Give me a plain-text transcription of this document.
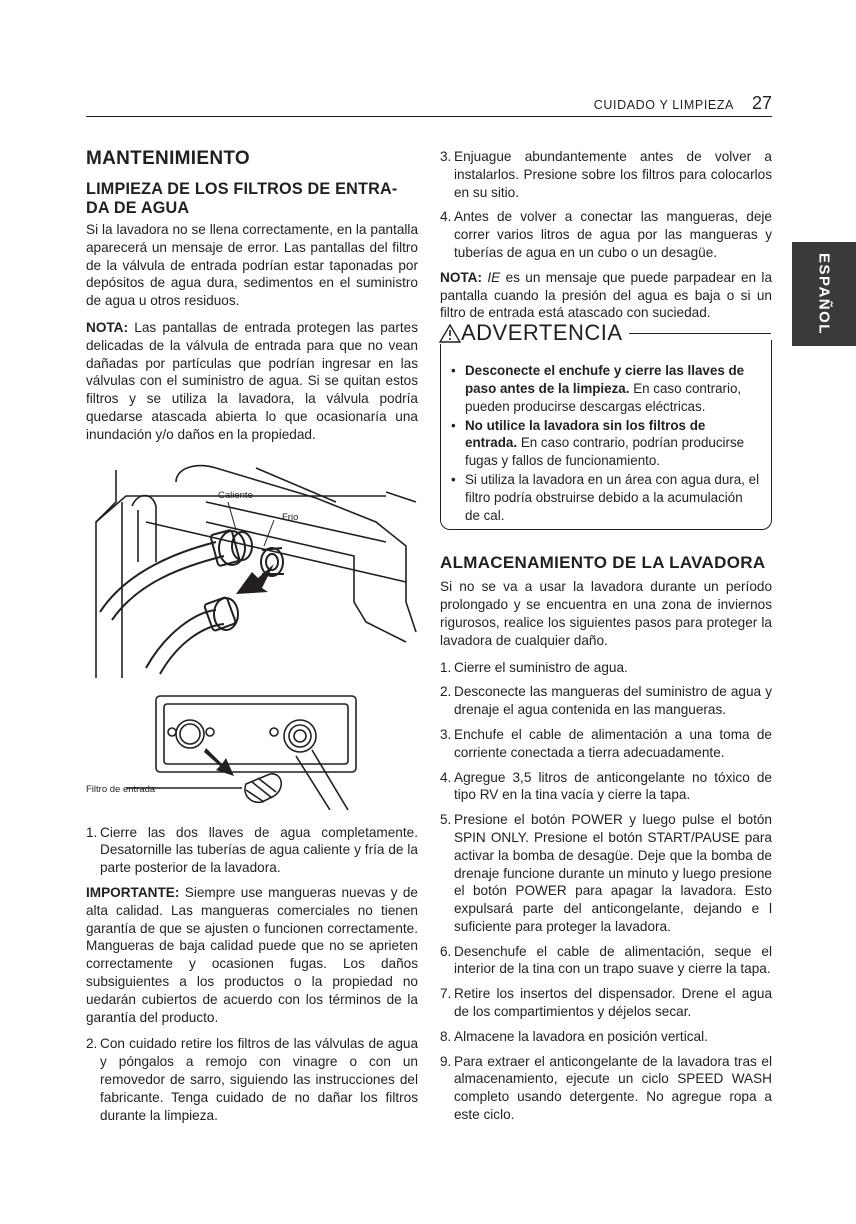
CUIDADO Y LIMPIEZA 27
ESPAÑOL
MANTENIMIENTO
LIMPIEZA DE LOS FILTROS DE ENTRA-DA DE AGUA

Si la lavadora no se llena correctamente, en la pantalla aparecerá un mensaje de error. Las pantallas del filtro de la válvula de entrada podrían estar taponadas por depósitos de agua dura, sedimentos en el suministro de agua u otros residuos.

NOTA: Las pantallas de entrada protegen las partes delicadas de la válvula de entrada para que no vean dañadas por partículas que podrían ingresar en las válvulas con el suministro de agua. Si se quitan estos filtros y se utiliza la lavadora, la válvula podría quedarse atascada abierta lo que ocasionaría una inundación y/o daños en la propiedad.

Caliente
Frio
Filtro de entrada
1. Cierre las dos llaves de agua completamente. Desatornille las tuberías de agua caliente y fría de la parte posterior de la lavadora.

IMPORTANTE: Siempre use mangueras nuevas y de alta calidad. Las mangueras comerciales no tienen garantía de que se ajusten o funcionen correctamente. Mangueras de baja calidad puede que no se aprieten correctamente y ocasionen fugas. Los daños subsiguientes a los productos o la propiedad no uedarán cubiertos de acuerdo con los términos de la garantía del producto.

2. Con cuidado retire los filtros de las válvulas de agua y póngalos a remojo con vinagre o con un removedor de sarro, siguiendo las instrucciones del fabricante. Tenga cuidado de no dañar los filtros durante la limpieza.
3. Enjuague abundantemente antes de volver a instalarlos. Presione sobre los filtros para colocarlos en su sitio.
4. Antes de volver a conectar las mangueras, deje correr varios litros de agua por las mangueras y tuberías de agua en un cubo o un desagüe.

NOTA: IE es un mensaje que puede parpadear en la pantalla cuando la presión del agua es baja o si un filtro de entrada está atascado con suciedad.

ADVERTENCIA
• Desconecte el enchufe y cierre las llaves de paso antes de la limpieza. En caso contrario, pueden producirse descargas eléctricas.
• No utilice la lavadora sin los filtros de entrada. En caso contrario, podrían producirse fugas y fallos de funcionamiento.
• Si utiliza la lavadora en un área con agua dura, el filtro podría obstruirse debido a la acumulación de cal.
ALMACENAMIENTO DE LA LAVADORA

Si no se va a usar la lavadora durante un período prolongado y se encuentra en una zona de inviernos rigurosos, realice los siguientes pasos para proteger la lavadora de cualquier daño.

1. Cierre el suministro de agua.
2. Desconecte las mangueras del suministro de agua y drenaje el agua contenida en las mangueras.
3. Enchufe el cable de alimentación a una toma de corriente conectada a tierra adecuadamente.
4. Agregue 3,5 litros de anticongelante no tóxico de tipo RV en la tina vacía y cierre la tapa.
5. Presione el botón POWER y luego pulse el botón SPIN ONLY. Presione el botón START/PAUSE para activar la bomba de desagüe. Deje que la bomba de drenaje funcione durante un minuto y luego presione el botón POWER para apagar la lavadora. Esto expulsará parte del anticongelante, dejando e l suficiente para proteger la lavadora.
6. Desenchufe el cable de alimentación, seque el interior de la tina con un trapo suave y cierre la tapa.
7. Retire los insertos del dispensador. Drene el agua de los compartimientos y déjelos secar.
8. Almacene la lavadora en posición vertical.
9. Para extraer el anticongelante de la lavadora tras el almacenamiento, ejecute un ciclo SPEED WASH completo usando detergente. No agregue ropa a este ciclo.
